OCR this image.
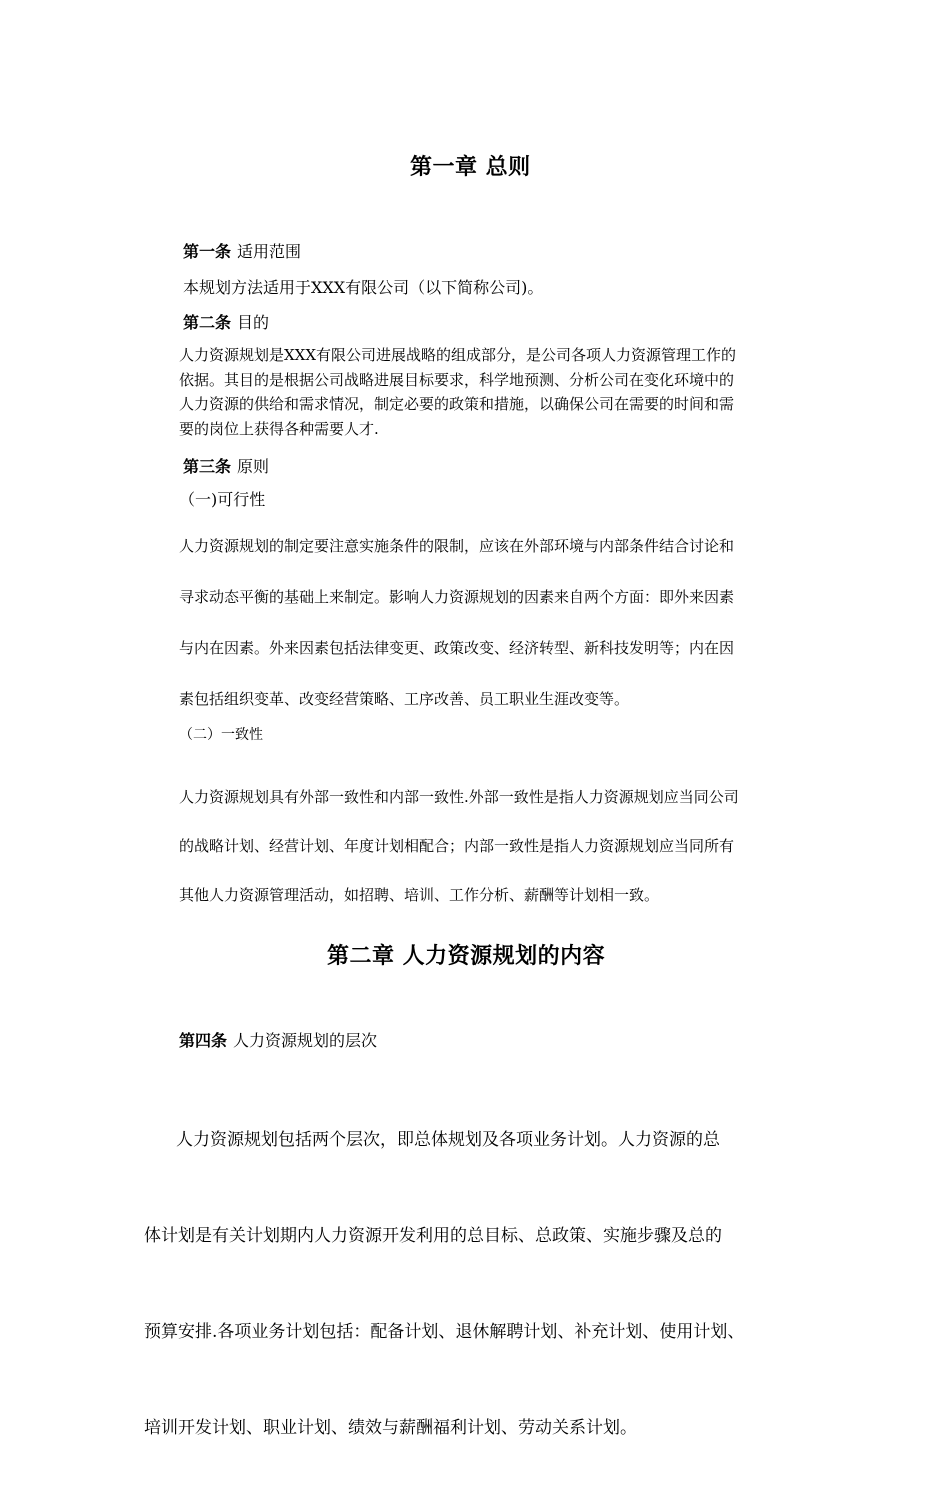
第一章 总则
第一条 适用范围
本规划方法适用于XXX有限公司（以下简称公司)。
第二条 目的
人力资源规划是XXX有限公司进展战略的组成部分，是公司各项人力资源管理工作的
依据。其目的是根据公司战略进展目标要求，科学地预测、分析公司在变化环境中的
人力资源的供给和需求情况，制定必要的政策和措施，以确保公司在需要的时间和需
要的岗位上获得各种需要人才.
第三条 原则
（一)可行性
人力资源规划的制定要注意实施条件的限制，应该在外部环境与内部条件结合讨论和
寻求动态平衡的基础上来制定。影响人力资源规划的因素来自两个方面：即外来因素
与内在因素。外来因素包括法律变更、政策改变、经济转型、新科技发明等；内在因
素包括组织变革、改变经营策略、工序改善、员工职业生涯改变等。
（二）一致性
人力资源规划具有外部一致性和内部一致性.外部一致性是指人力资源规划应当同公司
的战略计划、经营计划、年度计划相配合；内部一致性是指人力资源规划应当同所有
其他人力资源管理活动，如招聘、培训、工作分析、薪酬等计划相一致。
第二章 人力资源规划的内容
第四条 人力资源规划的层次

人力资源规划包括两个层次，即总体规划及各项业务计划。人力资源的总

体计划是有关计划期内人力资源开发利用的总目标、总政策、实施步骤及总的

预算安排.各项业务计划包括：配备计划、退休解聘计划、补充计划、使用计划、

培训开发计划、职业计划、绩效与薪酬福利计划、劳动关系计划。
